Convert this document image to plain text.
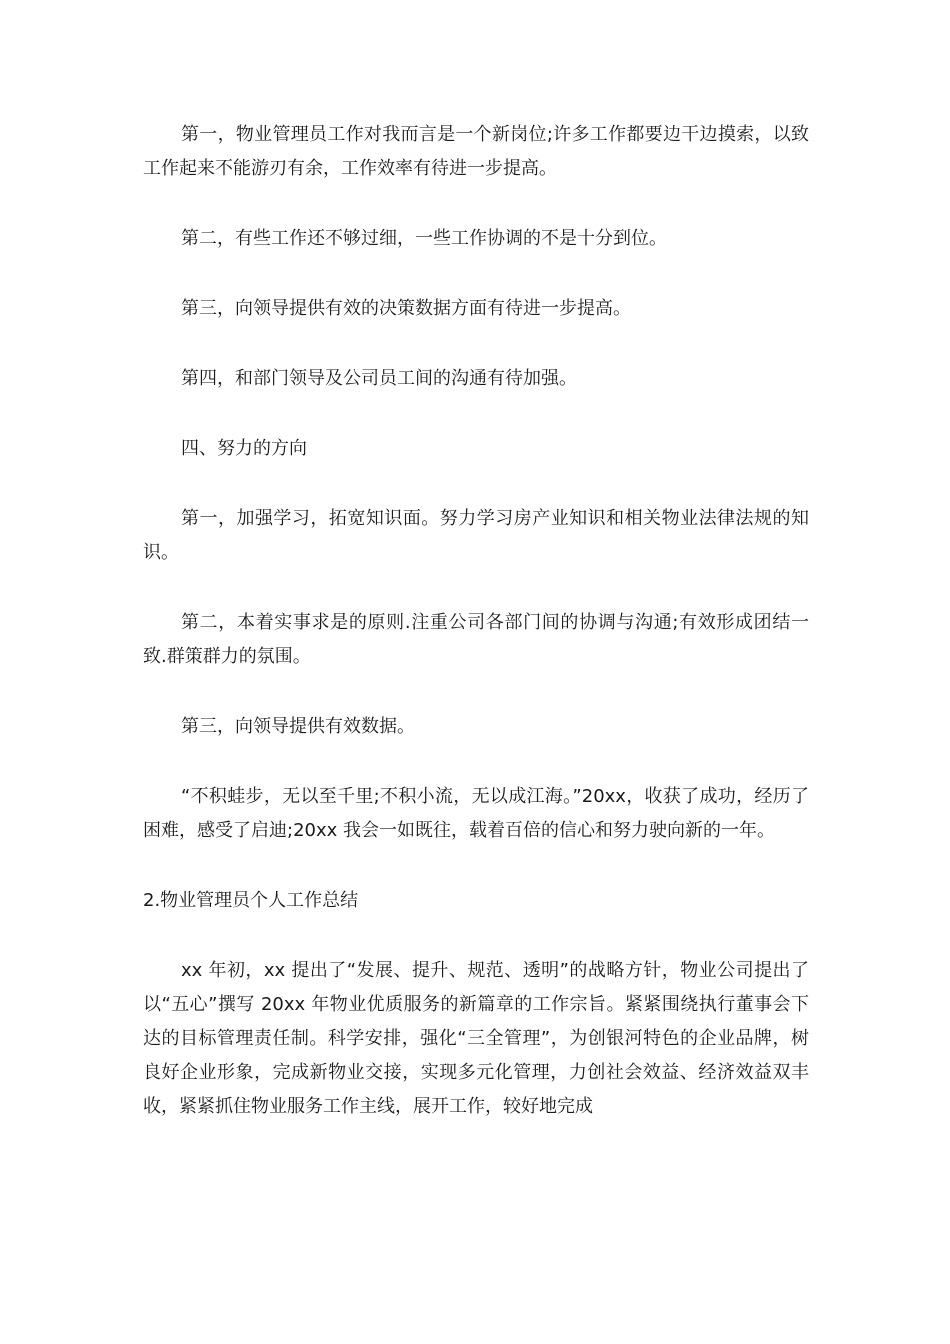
第一，物业管理员工作对我而言是一个新岗位;许多工作都要边干边摸索，以致工作起来不能游刃有余，工作效率有待进一步提高。

第二，有些工作还不够过细，一些工作协调的不是十分到位。

第三，向领导提供有效的决策数据方面有待进一步提高。

第四，和部门领导及公司员工间的沟通有待加强。

四、努力的方向

第一，加强学习，拓宽知识面。努力学习房产业知识和相关物业法律法规的知识。

第二，本着实事求是的原则.注重公司各部门间的协调与沟通;有效形成团结一致.群策群力的氛围。

第三，向领导提供有效数据。

“不积蛙步，无以至千里;不积小流，无以成江海。”20xx，收获了成功，经历了困难，感受了启迪;20xx 我会一如既往，载着百倍的信心和努力驶向新的一年。

2.物业管理员个人工作总结

xx 年初，xx 提出了“发展、提升、规范、透明”的战略方针，物业公司提出了以“五心”撰写 20xx 年物业优质服务的新篇章的工作宗旨。紧紧围绕执行董事会下达的目标管理责任制。科学安排，强化“三全管理”，为创银河特色的企业品牌，树良好企业形象，完成新物业交接，实现多元化管理，力创社会效益、经济效益双丰收，紧紧抓住物业服务工作主线，展开工作，较好地完成
